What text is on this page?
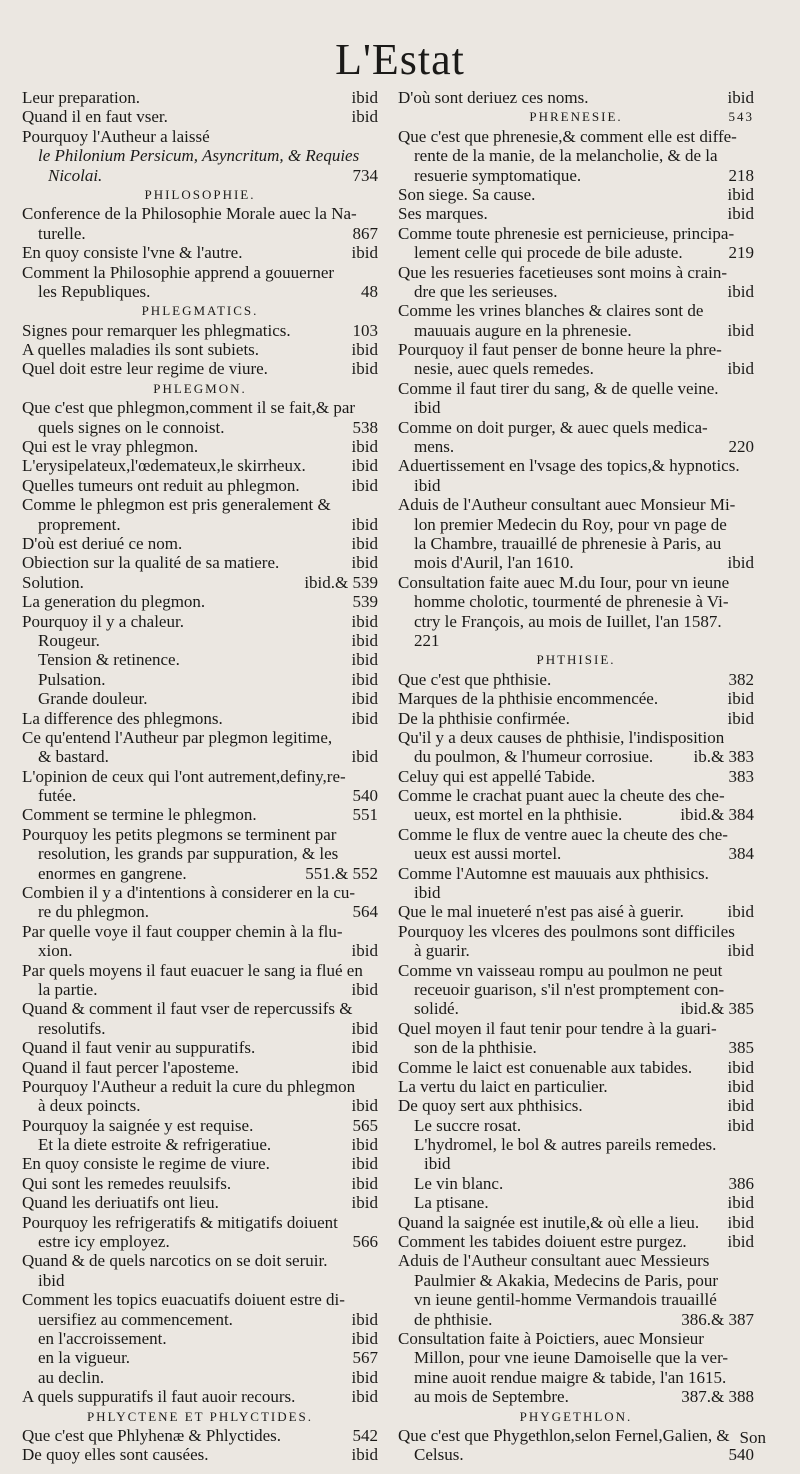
L'Estat
Leur preparation.	ibid
Quand il en faut vser.	ibid
Pourquoy l'Autheur a laissé
le Philonium Persicum, Asyncritum, & Requies
Nicolai.	734
PHILOSOPHIE.
Conference de la Philosophie Morale auec la Na-
turelle.	867
En quoy consiste l'vne & l'autre.	ibid
Comment la Philosophie apprend a gouuerner
les Republiques.	48
PHLEGMATICS.
Signes pour remarquer les phlegmatics.	103
A quelles maladies ils sont subiets.	ibid
Quel doit estre leur regime de viure.	ibid
PHLEGMON.
Que c'est que phlegmon,comment il se fait,& par
quels signes on le connoist.	538
Qui est le vray phlegmon.	ibid
L'erysipelateux,l'œdemateux,le skirrheux.	ibid
Quelles tumeurs ont reduit au phlegmon.	ibid
Comme le phlegmon est pris generalement &
proprement.	ibid
D'où est deriué ce nom.	ibid
Obiection sur la qualité de sa matiere.	ibid
Solution.	ibid.& 539
La generation du plegmon.	539
Pourquoy il y a chaleur.	ibid
Rougeur.	ibid
Tension & retinence.	ibid
Pulsation.	ibid
Grande douleur.	ibid
La difference des phlegmons.	ibid
Ce qu'entend l'Autheur par plegmon legitime,
& bastard.	ibid
L'opinion de ceux qui l'ont autrement,definy,re-
futée.	540
Comment se termine le phlegmon.	551
Pourquoy les petits plegmons se terminent par
resolution, les grands par suppuration, & les
enormes en gangrene.	551.& 552
Combien il y a d'intentions à considerer en la cu-
re du phlegmon.	564
Par quelle voye il faut coupper chemin à la flu-
xion.	ibid
Par quels moyens il faut euacuer le sang ia flué en
la partie.	ibid
Quand & comment il faut vser de repercussifs &
resolutifs.	ibid
Quand il faut venir au suppuratifs.	ibid
Quand il faut percer l'aposteme.	ibid
Pourquoy l'Autheur a reduit la cure du phlegmon
à deux poincts.	ibid
Pourquoy la saignée y est requise.	565
Et la diete estroite & refrigeratiue.	ibid
En quoy consiste le regime de viure.	ibid
Qui sont les remedes reuulsifs.	ibid
Quand les deriuatifs ont lieu.	ibid
Pourquoy les refrigeratifs & mitigatifs doiuent
estre icy employez.	566
Quand & de quels narcotics on se doit seruir.
ibid
Comment les topics euacuatifs doiuent estre di-
uersifiez au commencement.	ibid
en l'accroissement.	ibid
en la vigueur.	567
au declin.	ibid
A quels suppuratifs il faut auoir recours.	ibid
PHLYCTENE ET PHLYCTIDES.
Que c'est que Phlyhenæ & Phlyctides.	542
De quoy elles sont causées.	ibid
D'où sont deriuez ces noms.	ibid
PHRENESIE.	543
Que c'est que phrenesie,& comment elle est diffe-
rente de la manie, de la melancholie, & de la
resuerie symptomatique.	218
Son siege. Sa cause.	ibid
Ses marques.	ibid
Comme toute phrenesie est pernicieuse, principa-
lement celle qui procede de bile aduste.	219
Que les resueries facetieuses sont moins à crain-
dre que les serieuses.	ibid
Comme les vrines blanches & claires sont de
mauuais augure en la phrenesie.	ibid
Pourquoy il faut penser de bonne heure la phre-
nesie, auec quels remedes.	ibid
Comme il faut tirer du sang, & de quelle veine.
ibid
Comme on doit purger, & auec quels medica-
mens.	220
Aduertissement en l'vsage des topics,& hypnotics.
ibid
Aduis de l'Autheur consultant auec Monsieur Mi-
lon premier Medecin du Roy, pour vn page de
la Chambre, trauaillé de phrenesie à Paris, au
mois d'Auril, l'an 1610.	ibid
Consultation faite auec M.du Iour, pour vn ieune
homme cholotic, tourmenté de phrenesie à Vi-
ctry le François, au mois de Iuillet, l'an 1587.
221
PHTHISIE.
Que c'est que phthisie.	382
Marques de la phthisie encommencée.	ibid
De la phthisie confirmée.	ibid
Qu'il y a deux causes de phthisie, l'indisposition
du poulmon, & l'humeur corrosiue.	ib.& 383
Celuy qui est appellé Tabide.	383
Comme le crachat puant auec la cheute des che-
ueux, est mortel en la phthisie.	ibid.& 384
Comme le flux de ventre auec la cheute des che-
ueux est aussi mortel.	384
Comme l'Automne est mauuais aux phthisics.
ibid
Que le mal inueteré n'est pas aisé à guerir.	ibid
Pourquoy les vlceres des poulmons sont difficiles
à guarir.	ibid
Comme vn vaisseau rompu au poulmon ne peut
receuoir guarison, s'il n'est promptement con-
solidé.	ibid.& 385
Quel moyen il faut tenir pour tendre à la guari-
son de la phthisie.	385
Comme le laict est conuenable aux tabides.	ibid
La vertu du laict en particulier.	ibid
De quoy sert aux phthisics.	ibid
Le succre rosat.	ibid
L'hydromel, le bol & autres pareils remedes.
ibid
Le vin blanc.	386
La ptisane.	ibid
Quand la saignée est inutile,& où elle a lieu.	ibid
Comment les tabides doiuent estre purgez.	ibid
Aduis de l'Autheur consultant auec Messieurs
Paulmier & Akakia, Medecins de Paris, pour
vn ieune gentil-homme Vermandois trauaillé
de phthisie.	386.& 387
Consultation faite à Poictiers, auec Monsieur
Millon, pour vne ieune Damoiselle que la ver-
mine auoit rendue maigre & tabide, l'an 1615.
au mois de Septembre.	387.& 388
PHYGETHLON.
Que c'est que Phygethlon,selon Fernel,Galien, &
Celsus.	540
Son
